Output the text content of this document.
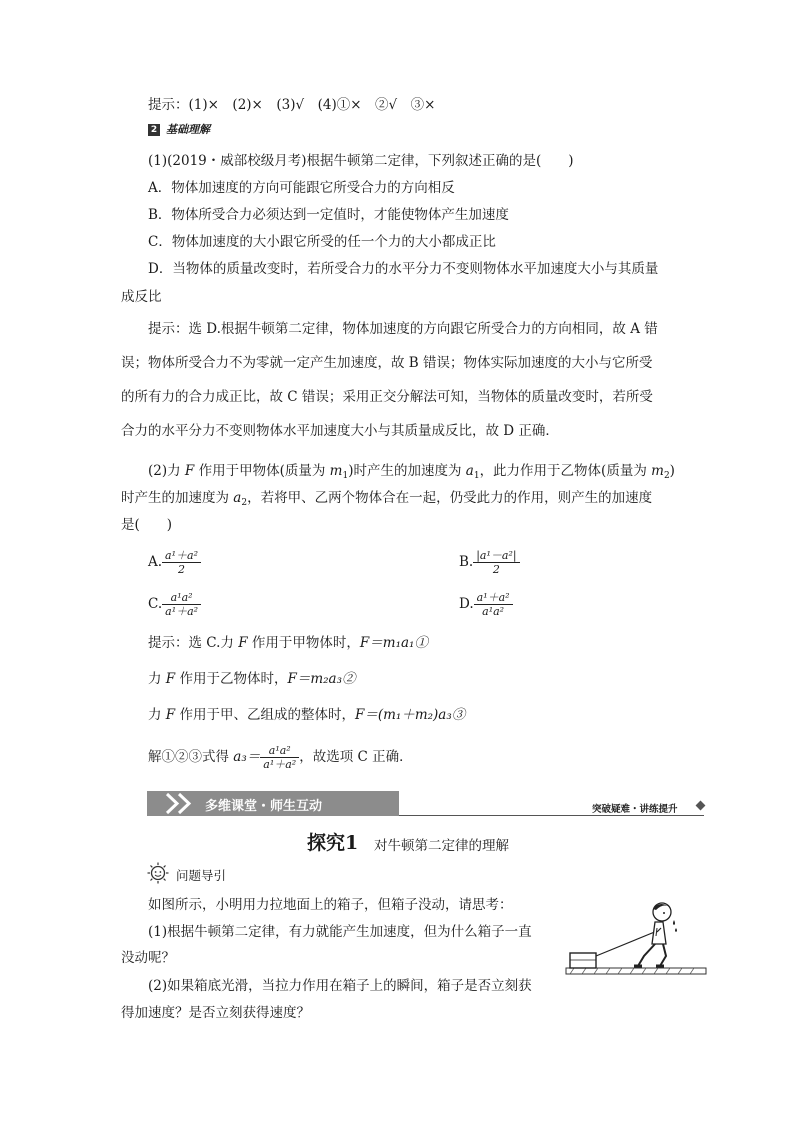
提示：(1)×　(2)×　(3)√　(4)①×　②√　③×
2 基础理解
(1)(2019・威部校级月考)根据牛顿第二定律，下列叙述正确的是(　　)
A．物体加速度的方向可能跟它所受合力的方向相反
B．物体所受合力必须达到一定值时，才能使物体产生加速度
C．物体加速度的大小跟它所受的任一个力的大小都成正比
D．当物体的质量改变时，若所受合力的水平分力不变则物体水平加速度大小与其质量
成反比
提示：选 D.根据牛顿第二定律，物体加速度的方向跟它所受合力的方向相同，故 A 错
误；物体所受合力不为零就一定产生加速度，故 B 错误；物体实际加速度的大小与它所受
的所有力的合力成正比，故 C 错误；采用正交分解法可知，当物体的质量改变时，若所受
合力的水平分力不变则物体水平加速度大小与其质量成反比，故 D 正确．
(2)力 F 作用于甲物体(质量为 $m_1$)时产生的加速度为 $a_1$，此力作用于乙物体(质量为 $m_2$)
时产生的加速度为 $a_2$，若将甲、乙两个物体合在一起，仍受此力的作用，则产生的加速度
是(　　)
A. $\frac{\text{a¹＋a²}}{2}$	B. $\frac{\text{|a¹－a²|}}{2}$
C. $\frac{\text{a¹a²}}{\text{a¹＋a²}}$	D. $\frac{\text{a¹＋a²}}{\text{a¹a²}}$
提示：选 C.力 F 作用于甲物体时，F＝m₁a₁①
力 F 作用于乙物体时，F＝m₂a₃②
力 F 作用于甲、乙组成的整体时，F＝(m₁＋m₂)a₃③
解①②③式得 $a_3= \frac{\text{a¹a²}}{\text{a¹＋a²}}$ ，故选项 C 正确．
多维课堂・师生互动	突破疑难・讲练提升
探究1 对牛顿第二定律的理解
问题导引
如图所示，小明用力拉地面上的箱子，但箱子没动，请思考：
(1)根据牛顿第二定律，有力就能产生加速度，但为什么箱子一直
没动呢？
(2)如果箱底光滑，当拉力作用在箱子上的瞬间，箱子是否立刻获
得加速度？是否立刻获得速度？
